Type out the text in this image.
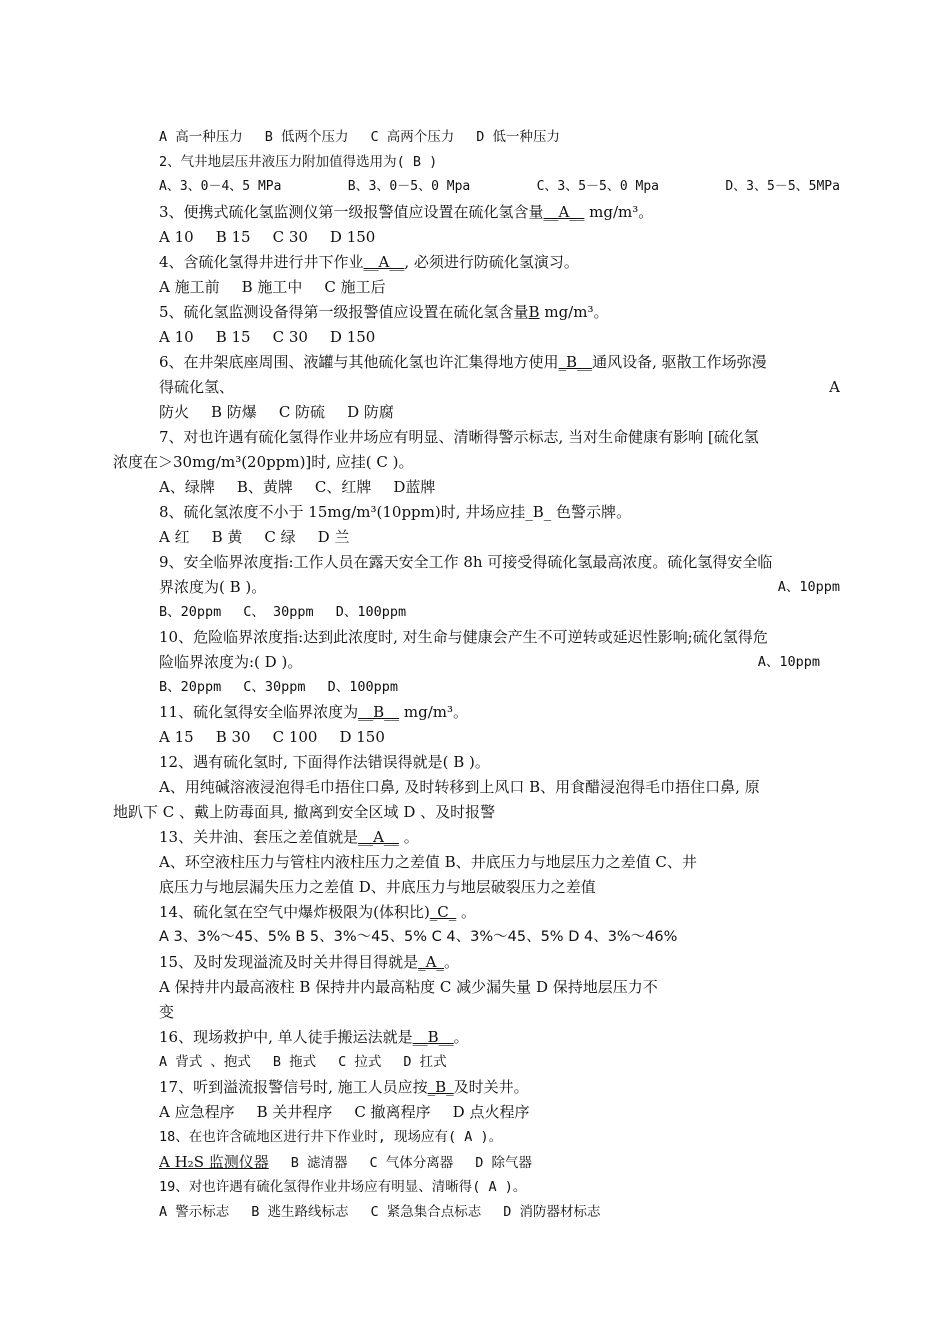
A 高一种压力 B 低两个压力 C 高两个压力 D 低一种压力
2、气井地层压井液压力附加值得选用为( B )
A、3、0－4、5 MPa	B、3、0－5、0 Mpa	C、3、5－5、0 Mpa	D、3、5－5、5MPa
3、便携式硫化氢监测仪第一级报警值应设置在硫化氢含量__A__ mg/m³。
A 10 B 15 C 30 D 150
4、含硫化氢得井进行井下作业__A__, 必须进行防硫化氢演习。
A 施工前 B 施工中 C 施工后
5、硫化氢监测设备得第一级报警值应设置在硫化氢含量B mg/m³。
A 10 B 15 C 30 D 150
6、在井架底座周围、液罐与其他硫化氢也许汇集得地方使用_B__通风设备, 驱散工作场弥漫
得硫化氢、	A
防火 B 防爆 C 防硫 D 防腐
7、对也许遇有硫化氢得作业井场应有明显、清晰得警示标志, 当对生命健康有影响 [硫化氢
浓度在＞30mg/m³(20ppm)]时, 应挂( C )。
A、绿牌 B、黄牌 C、红牌 D蓝牌
8、硫化氢浓度不小于 15mg/m³(10ppm)时, 井场应挂_B_ 色警示牌。
A 红 B 黄 C 绿 D 兰
9、安全临界浓度指:工作人员在露天安全工作 8h 可接受得硫化氢最高浓度。硫化氢得安全临
界浓度为( B )。	A、10ppm
B、20ppm C、 30ppm D、100ppm
10、危险临界浓度指:达到此浓度时, 对生命与健康会产生不可逆转或延迟性影响;硫化氢得危
险临界浓度为:( D )。	A、10ppm
B、20ppm C、30ppm D、100ppm
11、硫化氢得安全临界浓度为__B__ mg/m³。
A 15 B 30 C 100 D 150
12、遇有硫化氢时, 下面得作法错误得就是( B )。
A、用纯碱溶液浸泡得毛巾捂住口鼻, 及时转移到上风口 B、用食醋浸泡得毛巾捂住口鼻, 原
地趴下 C 、戴上防毒面具, 撤离到安全区域 D 、及时报警
13、关井油、套压之差值就是__A__ 。
A、环空液柱压力与管柱内液柱压力之差值 B、井底压力与地层压力之差值 C、井
底压力与地层漏失压力之差值 D、井底压力与地层破裂压力之差值
14、硫化氢在空气中爆炸极限为(体积比)_C_ 。
A 3、3%～45、5% B 5、3%～45、5% C 4、3%～45、5% D 4、3%～46%
15、及时发现溢流及时关井得目得就是_A_。
A 保持井内最高液柱 B 保持井内最高粘度 C 减少漏失量 D 保持地层压力不
变
16、现场救护中, 单人徒手搬运法就是__B__。
A 背式 、抱式 B 拖式 C 拉式 D 扛式
17、听到溢流报警信号时, 施工人员应按_B_及时关井。
A 应急程序 B 关井程序 C 撤离程序 D 点火程序
18、在也许含硫地区进行井下作业时, 现场应有( A )。
A H₂S 监测仪器 B 滤清器 C 气体分离器 D 除气器
19、对也许遇有硫化氢得作业井场应有明显、清晰得( A )。
A 警示标志 B 逃生路线标志 C 紧急集合点标志 D 消防器材标志
